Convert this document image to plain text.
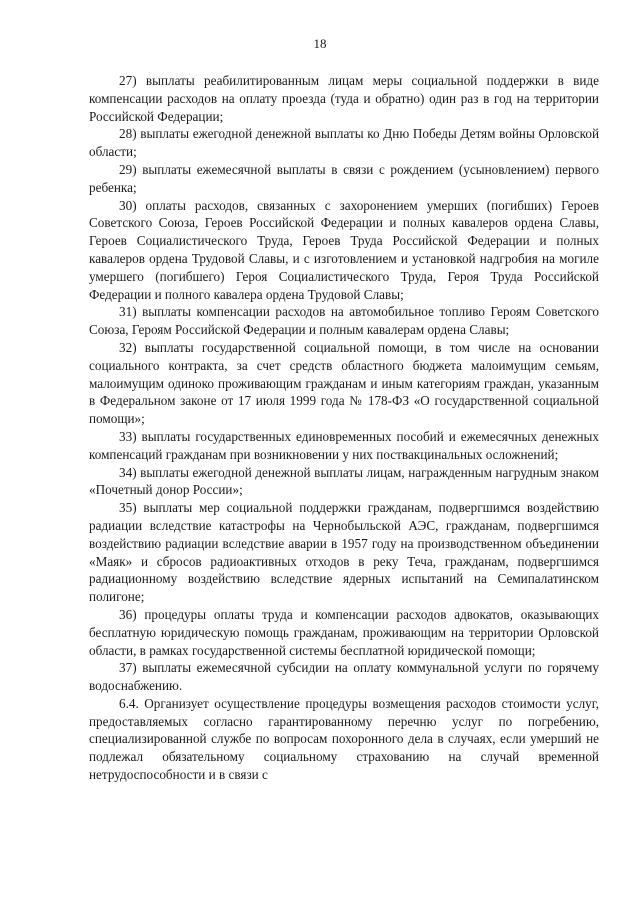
18

27) выплаты реабилитированным лицам меры социальной поддержки в виде компенсации расходов на оплату проезда (туда и обратно) один раз в год на территории Российской Федерации;

28) выплаты ежегодной денежной выплаты ко Дню Победы Детям войны Орловской области;

29) выплаты ежемесячной выплаты в связи с рождением (усыновлением) первого ребенка;

30) оплаты расходов, связанных с захоронением умерших (погибших) Героев Советского Союза, Героев Российской Федерации и полных кавалеров ордена Славы, Героев Социалистического Труда, Героев Труда Российской Федерации и полных кавалеров ордена Трудовой Славы, и с изготовлением и установкой надгробия на могиле умершего (погибшего) Героя Социалистического Труда, Героя Труда Российской Федерации и полного кавалера ордена Трудовой Славы;

31) выплаты компенсации расходов на автомобильное топливо Героям Советского Союза, Героям Российской Федерации и полным кавалерам ордена Славы;

32) выплаты государственной социальной помощи, в том числе на основании социального контракта, за счет средств областного бюджета малоимущим семьям, малоимущим одиноко проживающим гражданам и иным категориям граждан, указанным в Федеральном законе от 17 июля 1999 года № 178-ФЗ «О государственной социальной помощи»;

33) выплаты государственных единовременных пособий и ежемесячных денежных компенсаций гражданам при возникновении у них поствакцинальных осложнений;

34) выплаты ежегодной денежной выплаты лицам, награжденным нагрудным знаком «Почетный донор России»;

35) выплаты мер социальной поддержки гражданам, подвергшимся воздействию радиации вследствие катастрофы на Чернобыльской АЭС, гражданам, подвергшимся воздействию радиации вследствие аварии в 1957 году на производственном объединении «Маяк» и сбросов радиоактивных отходов в реку Теча, гражданам, подвергшимся радиационному воздействию вследствие ядерных испытаний на Семипалатинском полигоне;

36) процедуры оплаты труда и компенсации расходов адвокатов, оказывающих бесплатную юридическую помощь гражданам, проживающим на территории Орловской области, в рамках государственной системы бесплатной юридической помощи;

37) выплаты ежемесячной субсидии на оплату коммунальной услуги по горячему водоснабжению.

6.4. Организует осуществление процедуры возмещения расходов стоимости услуг, предоставляемых согласно гарантированному перечню услуг по погребению, специализированной службе по вопросам похоронного дела в случаях, если умерший не подлежал обязательному социальному страхованию на случай временной нетрудоспособности и в связи с
